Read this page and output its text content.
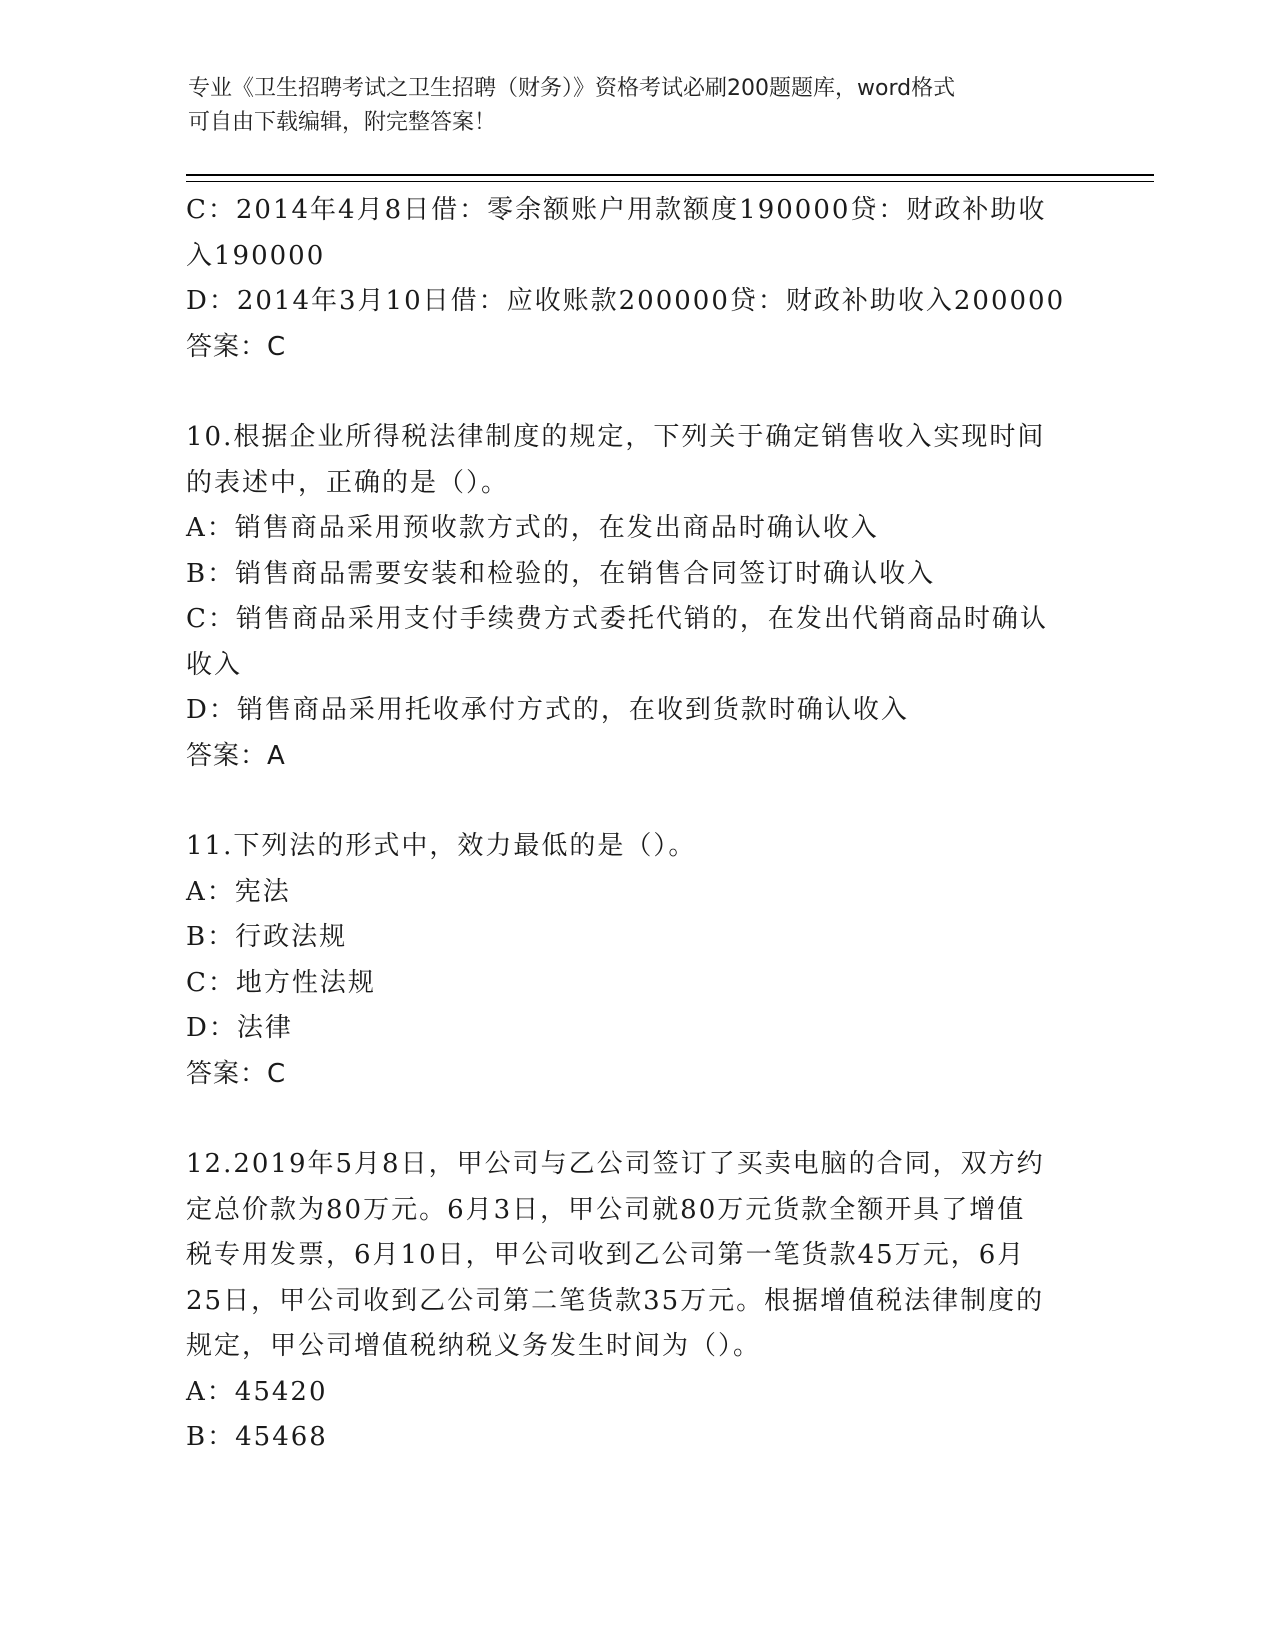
专业《卫生招聘考试之卫生招聘（财务）》资格考试必刷200题题库，word格式
可自由下载编辑，附完整答案！
C：2014年4月8日借：零余额账户用款额度190000贷：财政补助收
入190000
D：2014年3月10日借：应收账款200000贷：财政补助收入200000
答案：C
10.根据企业所得税法律制度的规定，下列关于确定销售收入实现时间
的表述中，正确的是（）。
A：销售商品采用预收款方式的，在发出商品时确认收入
B：销售商品需要安装和检验的，在销售合同签订时确认收入
C：销售商品采用支付手续费方式委托代销的，在发出代销商品时确认
收入
D：销售商品采用托收承付方式的，在收到货款时确认收入
答案：A
11.下列法的形式中，效力最低的是（）。
A：宪法
B：行政法规
C：地方性法规
D：法律
答案：C
12.2019年5月8日，甲公司与乙公司签订了买卖电脑的合同，双方约
定总价款为80万元。6月3日，甲公司就80万元货款全额开具了增值
税专用发票，6月10日，甲公司收到乙公司第一笔货款45万元，6月
25日，甲公司收到乙公司第二笔货款35万元。根据增值税法律制度的
规定，甲公司增值税纳税义务发生时间为（）。
A：45420
B：45468
